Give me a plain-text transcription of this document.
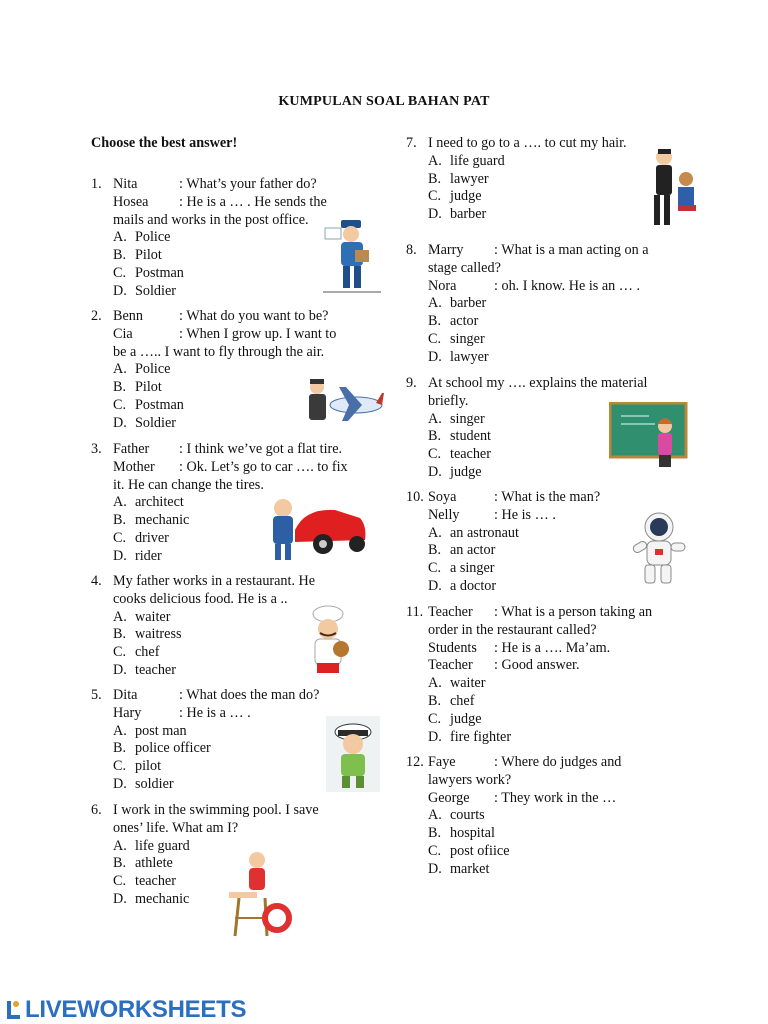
KUMPULAN SOAL BAHAN PAT
Choose the best answer!
1. Nita	: What’s your father do?
Hosea : He is a … . He sends the
mails and works in the post office.
A. Police
B. Pilot
C. Postman
D. Soldier
2. Benn	: What do you want to be?
Cia	: When I grow up. I want to
be a ….. I want to fly through the air.
A. Police
B. Pilot
C. Postman
D. Soldier
3. Father : I think we’ve got a flat tire.
Mother : Ok. Let’s go to car …. to fix
it. He can change the tires.
A. architect
B. mechanic
C. driver
D. rider
4. My father works in a restaurant. He
cooks delicious food. He is a ..
A. waiter
B. waitress
C. chef
D. teacher
5. Dita	: What does the man do?
Hary	: He is a … .
A. post man
B. police officer
C. pilot
D. soldier
6. I work in the swimming pool. I save
ones’ life. What am I?
A. life guard
B. athlete
C. teacher
D. mechanic
7. I need to go to a …. to cut my hair.
A. life guard
B. lawyer
C. judge
D. barber
8. Marry : What is a man acting on a
stage called?
Nora	: oh. I know. He is an … .
A. barber
B. actor
C. singer
D. lawyer
9. At school my …. explains the material
briefly.
A. singer
B. student
C. teacher
D. judge
10. Soya	: What is the man?
Nelly : He is … .
A. an astronaut
B. an actor
C. a singer
D. a doctor
11. Teacher : What is a person taking an
order in the restaurant called?
Students : He is a …. Ma’am.
Teacher : Good answer.
A. waiter
B. chef
C. judge
D. fire fighter
12. Faye	: Where do judges and
lawyers work?
George : They work in the …
A. courts
B. hospital
C. post ofiice
D. market
LIVEWORKSHEETS
